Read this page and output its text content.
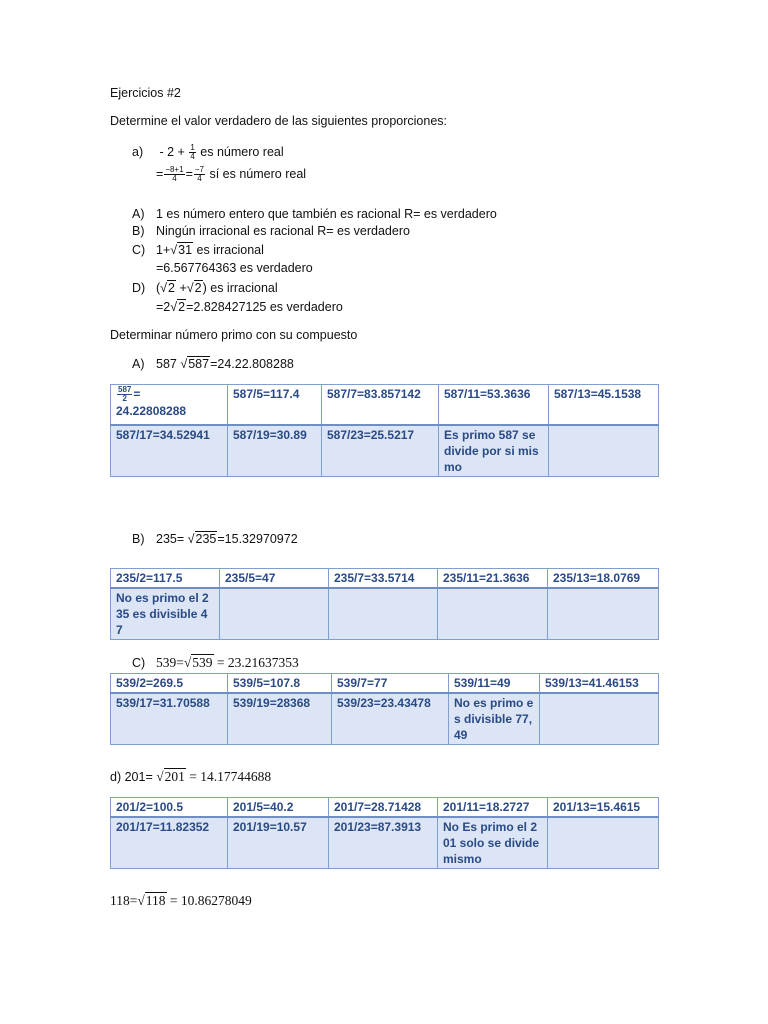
Ejercicios #2
Determine el valor verdadero de las siguientes proporciones:
$a) - 2 + \frac{1}{4}$ es número real
= $\frac{-8+1}{4} = \frac{-7}{4}$ sí es número real
A) 1 es número entero que también es racional R= es verdadero
B) Ningún irracional es racional R= es verdadero
C) 1+√31 es irracional
=6.567764363 es verdadero
D) (√2 +√2) es irracional
=2√2=2.828427125 es verdadero
Determinar número primo con su compuesto
A) 587 √587=24.22.808288
$\frac{587}{2}$ =
24.22808288	587/5=117.4	587/7=83.857142	587/11=53.3636	587/13=45.1538
587/17=34.52941	587/19=30.89	587/23=25.5217	Es primo 587 se divide por si mismo	
B) 235= √235=15.32970972
235/2=117.5	235/5=47	235/7=33.5714	235/11=21.3636	235/13=18.0769
No es primo el 235 es divisible 47				
C) 539=√539 = 23.21637353
539/2=269.5	539/5=107.8	539/7=77	539/11=49	539/13=41.46153
539/17=31.70588	539/19=28368	539/23=23.43478	No es primo es divisible 77,49	
d) 201= √201 = 14.17744688
201/2=100.5	201/5=40.2	201/7=28.71428	201/11=18.2727	201/13=15.4615
201/17=11.82352	201/19=10.57	201/23=87.3913	No Es primo el 201 solo se divide mismo	
118=√118 = 10.86278049
